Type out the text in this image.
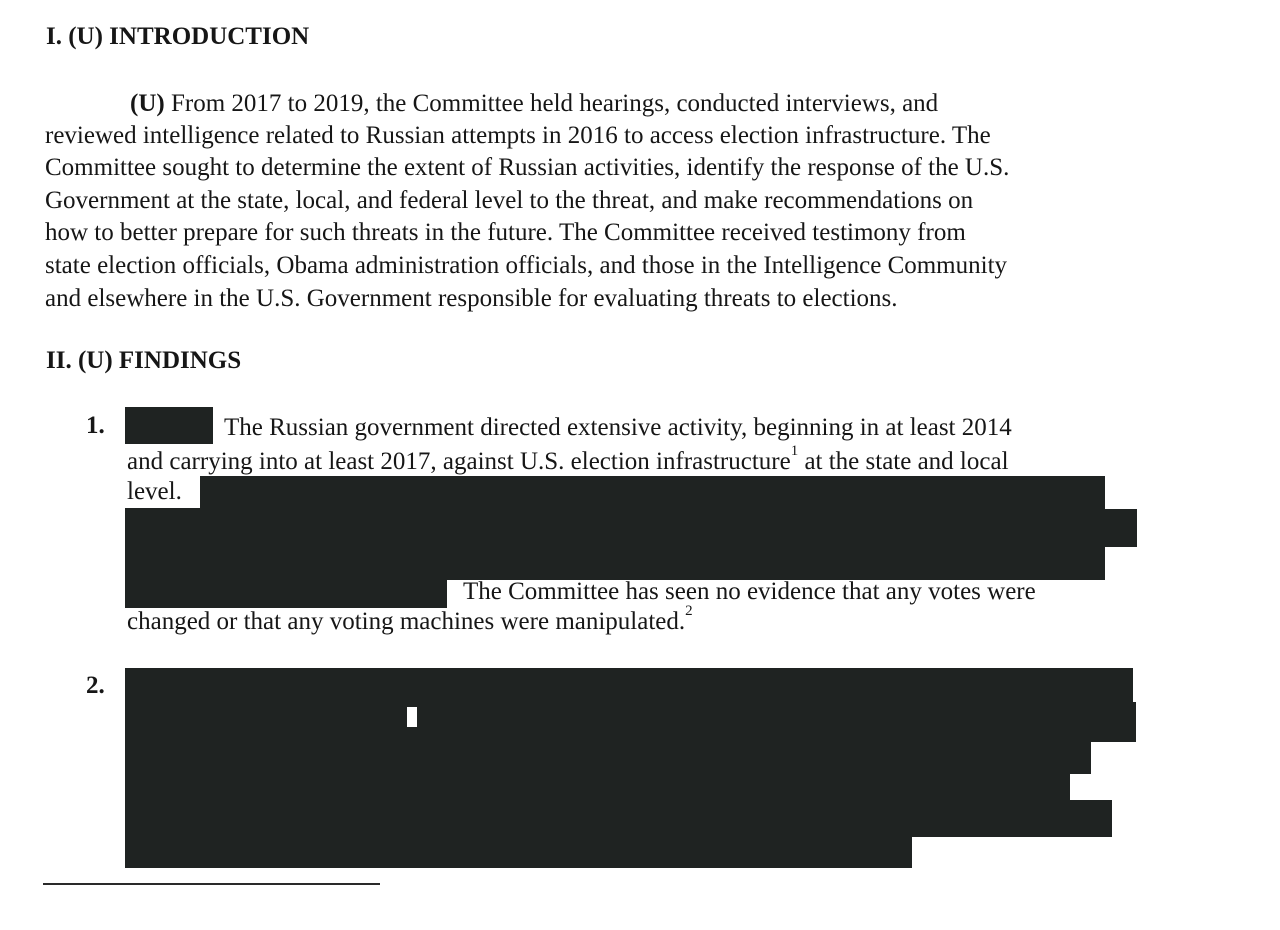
I. (U) INTRODUCTION
(U) From 2017 to 2019, the Committee held hearings, conducted interviews, and
reviewed intelligence related to Russian attempts in 2016 to access election infrastructure. The
Committee sought to determine the extent of Russian activities, identify the response of the U.S.
Government at the state, local, and federal level to the threat, and make recommendations on
how to better prepare for such threats in the future. The Committee received testimony from
state election officials, Obama administration officials, and those in the Intelligence Community
and elsewhere in the U.S. Government responsible for evaluating threats to elections.
II. (U) FINDINGS
1.	The Russian government directed extensive activity, beginning in at least 2014
and carrying into at least 2017, against U.S. election infrastructure$^1$ at the state and local
level.
The Committee has seen no evidence that any votes were
changed or that any voting machines were manipulated.$^2$
2.
